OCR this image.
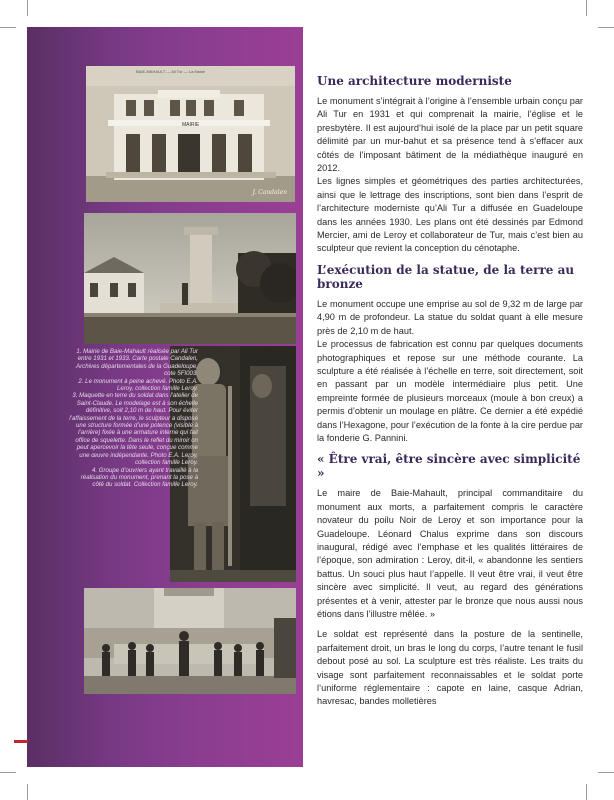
MAIRIE
BAIE-MAHAULT — Ali Tur — La Mairie
J. Candalen

1. Mairie de Baie-Mahault réalisée par Ali Tur entre 1931 et 1933. Carte postale Candalen, Archives départementales de la Guadeloupe, cote 5FI003.

2. Le monument à peine achevé. Photo E.A. Leroy, collection famille Leroy.

3. Maquette en terre du soldat dans l’atelier de Saint-Claude. Le modelage est à son échelle définitive, soit 2,10 m de haut. Pour éviter l’affaissement de la terre, le sculpteur a disposé une structure formée d’une potence (visible à l’arrière) fixée à une armature interne qui fait office de squelette. Dans le reflet du miroir on peut apercevoir la tête seule, conçue comme une œuvre indépendante. Photo E.A. Leroy, collection famille Leroy.

4. Groupe d’ouvriers ayant travaillé à la réalisation du monument, prenant la pose à côté du soldat. Collection famille Leroy.

Une architecture moderniste

Le monument s’intégrait à l’origine à l’ensemble urbain conçu par Ali Tur en 1931 et qui comprenait la mairie, l’église et le presbytère. Il est aujourd’hui isolé de la place par un petit square délimité par un mur-bahut et sa présence tend à s’effacer aux côtés de l’imposant bâtiment de la médiathèque inauguré en 2012.

Les lignes simples et géométriques des parties architecturées, ainsi que le lettrage des inscriptions, sont bien dans l’esprit de l’architecture moderniste qu’Ali Tur a diffusée en Guadeloupe dans les années 1930. Les plans ont été dessinés par Edmond Mercier, ami de Leroy et collaborateur de Tur, mais c’est bien au sculpteur que revient la conception du cénotaphe.

L’exécution de la statue, de la terre au bronze

Le monument occupe une emprise au sol de 9,32 m de large par 4,90 m de profondeur. La statue du soldat quant à elle mesure près de 2,10 m de haut.

Le processus de fabrication est connu par quelques documents photographiques et repose sur une méthode courante. La sculpture a été réalisée à l’échelle en terre, soit directement, soit en passant par un modèle intermédiaire plus petit. Une empreinte formée de plusieurs morceaux (moule à bon creux) a permis d’obtenir un moulage en plâtre. Ce dernier a été expédié dans l’Hexagone, pour l’exécution de la fonte à la cire perdue par la fonderie G. Pannini.

« Être vrai, être sincère avec simplicité »

Le maire de Baie-Mahault, principal commanditaire du monument aux morts, a parfaitement compris le caractère novateur du poilu Noir de Leroy et son importance pour la Guadeloupe. Léonard Chalus exprime dans son discours inaugural, rédigé avec l’emphase et les qualités littéraires de l’époque, son admiration : Leroy, dit-il, « abandonne les sentiers battus. Un souci plus haut l’appelle. Il veut être vrai, il veut être sincère avec simplicité. Il veut, au regard des générations présentes et à venir, attester par le bronze que nous aussi nous étions dans l’illustre mêlée. »

Le soldat est représenté dans la posture de la sentinelle, parfaitement droit, un bras le long du corps, l’autre tenant le fusil debout posé au sol. La sculpture est très réaliste. Les traits du visage sont parfaitement reconnaissables et le soldat porte l’uniforme réglementaire : capote en laine, casque Adrian, havresac, bandes molletières
